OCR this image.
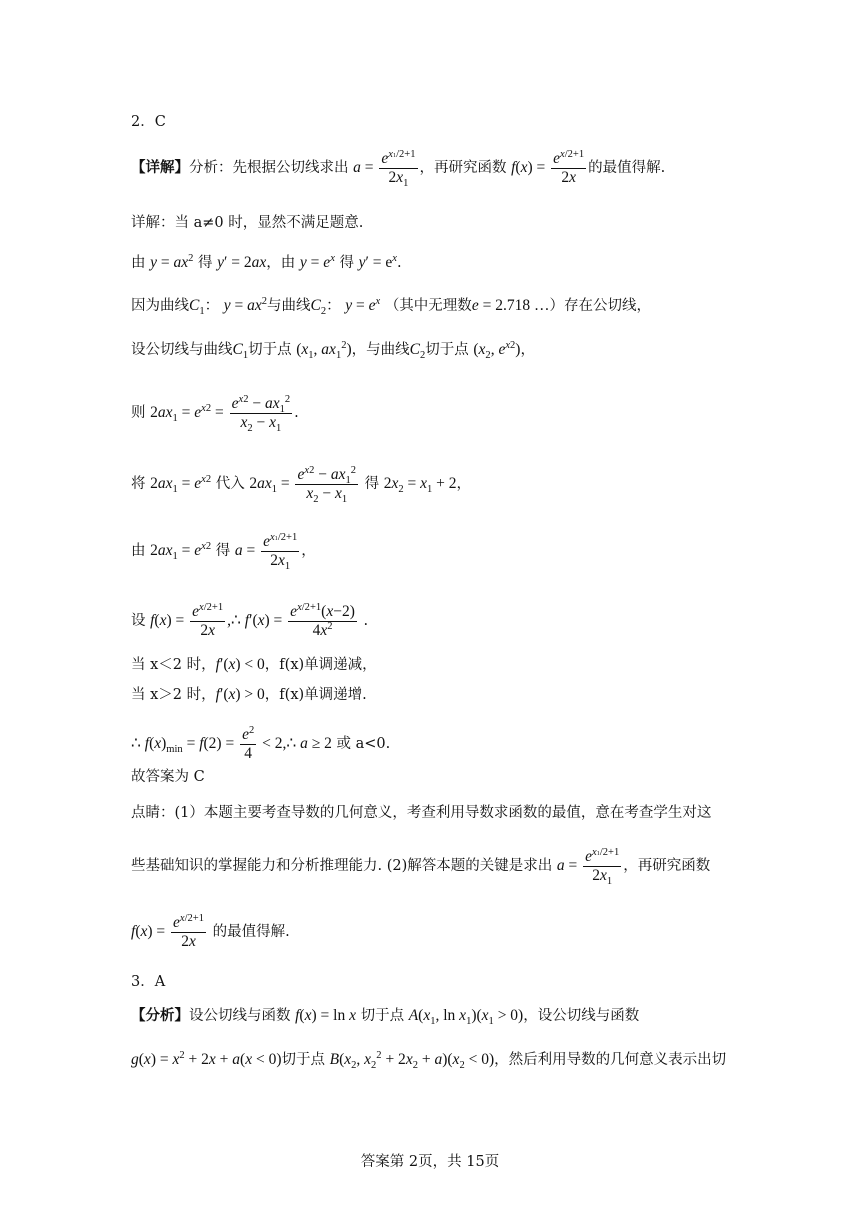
2．C
【详解】分析：先根据公切线求出 $a = \frac{e^{x1/2+1}}{2x_1}$ ，再研究函数 $f(x) = \frac{e^{x/2+1}}{2x}$ 的最值得解.
详解：当 a≠0 时，显然不满足题意.
由 $y = ax^2$ 得 y′ = 2ax，由 $y = e^x$ 得 $y' = e^x$.
因为曲线$C_1$： $y = ax^2$与曲线$C_2$： $y = e^x$ （其中无理数e = 2.718 …）存在公切线，
设公切线与曲线$C_1$切于点 ($x_1$, $ax_1^2$)，与曲线$C_2$切于点 ($x_2$, $e^{x2}$)，
则 $2ax_1 = e^{x2} = \frac{e^{x2} - ax_1^2}{x_2 - x_1}$ .
将 $2ax_1 = e^{x2}$ 代入 $2ax_1 = \frac{e^{x2} - ax_1^2}{x_2 - x_1}$ 得 $2x_2 = x_1 + 2$，
由 $2ax_1 = e^{x2}$ 得 $a = \frac{e^{x1/2+1}}{2x_1}$ ，
设 $f(x) = \frac{e^{x/2+1}}{2x}$ ,∴ $f'(x) = \frac{e^{x/2+1}(x-2)}{4x^2}$ .
当 x＜2 时，f′(x) < 0，f(x)单调递减，
当 x＞2 时，f′(x) > 0，f(x)单调递增.
∴ $f(x)_{min} = f(2) = \frac{e^2}{4}$ < 2,∴ a ≥ 2 或 a<0.
故答案为 C
点睛：(1）本题主要考查导数的几何意义，考查利用导数求函数的最值，意在考查学生对这
些基础知识的掌握能力和分析推理能力. (2)解答本题的关键是求出 $a = \frac{e^{x1/2+1}}{2x_1}$ ，再研究函数
$f(x) = \frac{e^{x/2+1}}{2x}$ 的最值得解.
3．A
【分析】设公切线与函数 f(x) = ln x 切于点 $A(x_1$, $\ln x_1)(x_1 > 0)$，设公切线与函数
$g(x) = x^2 + 2x + a(x < 0)$切于点 $B(x_2$, $x_2^2 + 2x_2 + a)(x_2 < 0)$，然后利用导数的几何意义表示出切
答案第 2页，共 15页
